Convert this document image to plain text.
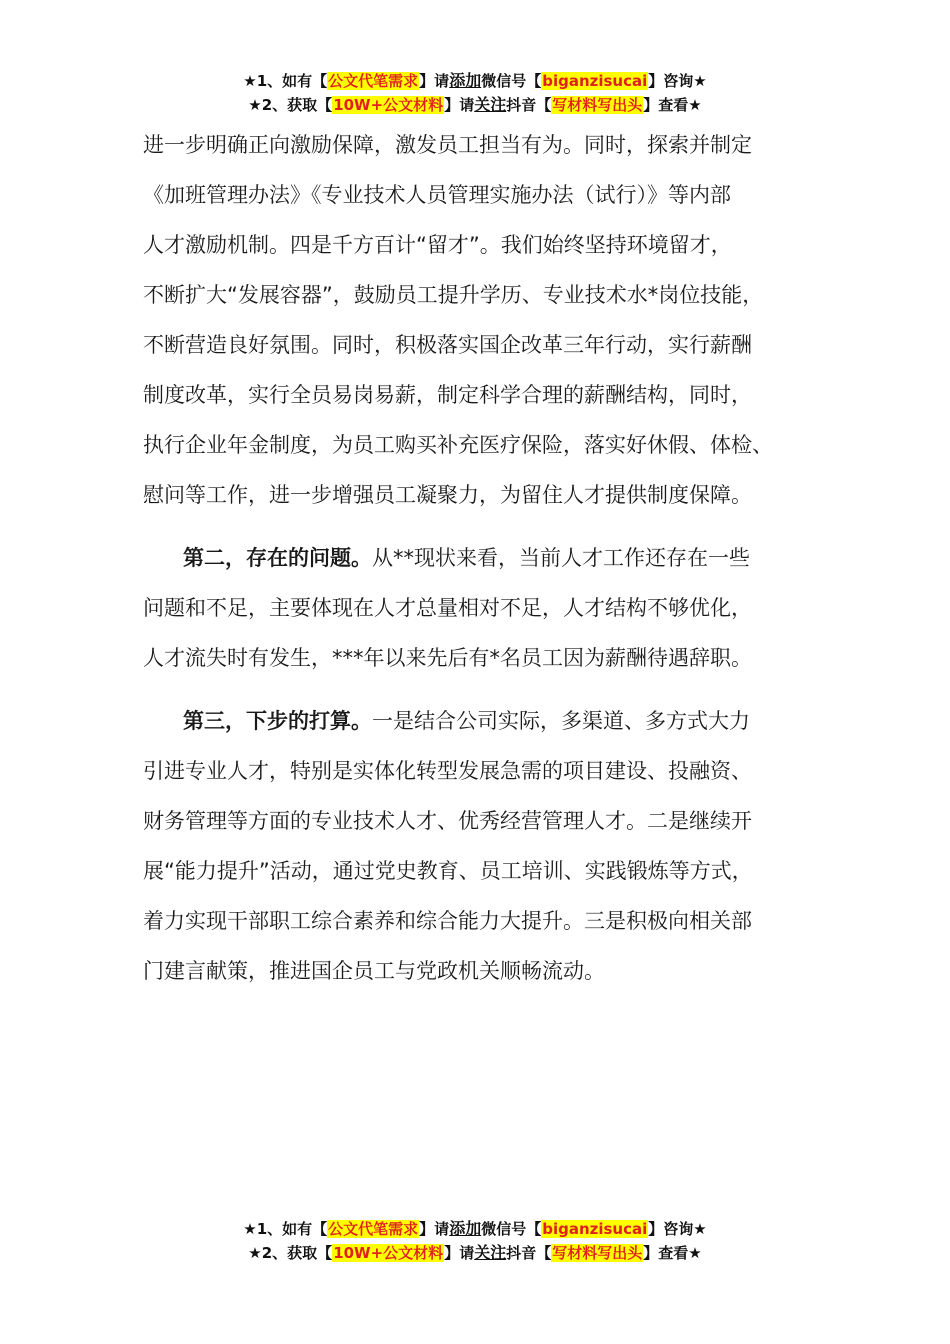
★1、如有【公文代笔需求】请添加微信号【biganzisucai】咨询★
★2、获取【10W+公文材料】请关注抖音【写材料写出头】查看★
进一步明确正向激励保障，激发员工担当有为。同时，探索并制定
《加班管理办法》《专业技术人员管理实施办法（试行）》等内部
人才激励机制。四是千方百计“留才”。我们始终坚持环境留才，
不断扩大“发展容器”，鼓励员工提升学历、专业技术水*岗位技能，
不断营造良好氛围。同时，积极落实国企改革三年行动，实行薪酬
制度改革，实行全员易岗易薪，制定科学合理的薪酬结构，同时，
执行企业年金制度，为员工购买补充医疗保险，落实好休假、体检、
慰问等工作，进一步增强员工凝聚力，为留住人才提供制度保障。
第二，存在的问题。从**现状来看，当前人才工作还存在一些
问题和不足，主要体现在人才总量相对不足，人才结构不够优化，
人才流失时有发生，***年以来先后有*名员工因为薪酬待遇辞职。
第三，下步的打算。一是结合公司实际，多渠道、多方式大力
引进专业人才，特别是实体化转型发展急需的项目建设、投融资、
财务管理等方面的专业技术人才、优秀经营管理人才。二是继续开
展“能力提升”活动，通过党史教育、员工培训、实践锻炼等方式，
着力实现干部职工综合素养和综合能力大提升。三是积极向相关部
门建言献策，推进国企员工与党政机关顺畅流动。
★1、如有【公文代笔需求】请添加微信号【biganzisucai】咨询★
★2、获取【10W+公文材料】请关注抖音【写材料写出头】查看★
